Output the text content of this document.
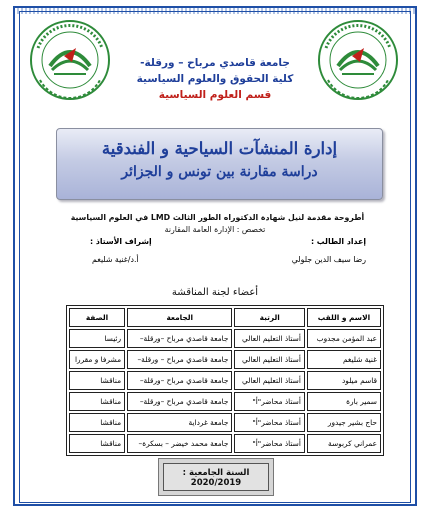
جامعة قاصدي مرباح – ورقلة-
كلية الحقوق والعلوم السياسية
قسم العلوم السياسية
إدارة المنشآت السياحية و الفندقية
دراسة مقارنة بين تونس و الجزائر
أطروحة مقدمة لنيل شهادة الدكتوراه الطور الثالث LMD في العلوم السياسية
تخصص : الإدارة العامة المقارنة
إعداد الطالب :
إشراف الأستاذ :
رضا سيف الدين جلولي
أ.د/غنية شليغم
أعضاء لجنة المناقشة
الاسم و اللقب	الرتبة	الجامعة	الصفة
عبد المؤمن مجدوب	أستاذ التعليم العالي	جامعة قاصدي مرباح –ورقلة–	رئيسا
غنية شليغم	أستاذ التعليم العالي	جامعة قاصدي مرباح – ورقلة–	مشرفا و مقررا
قاسم ميلود	أستاذ التعليم العالي	جامعة قاصدي مرباح –ورقلة–	مناقشا
سمير بارة	أستاذ محاضر"أ"	جامعة قاصدي مرباح –ورقلة–	مناقشا
حاج بشير جيدور	أستاذ محاضر"أ"	جامعة غرداية	مناقشا
عمراني كربوسة	أستاذ محاضر"أ"	جامعة محمد خيضر – بسكرة–	مناقشا
السنة الجامعية : 2020/2019
